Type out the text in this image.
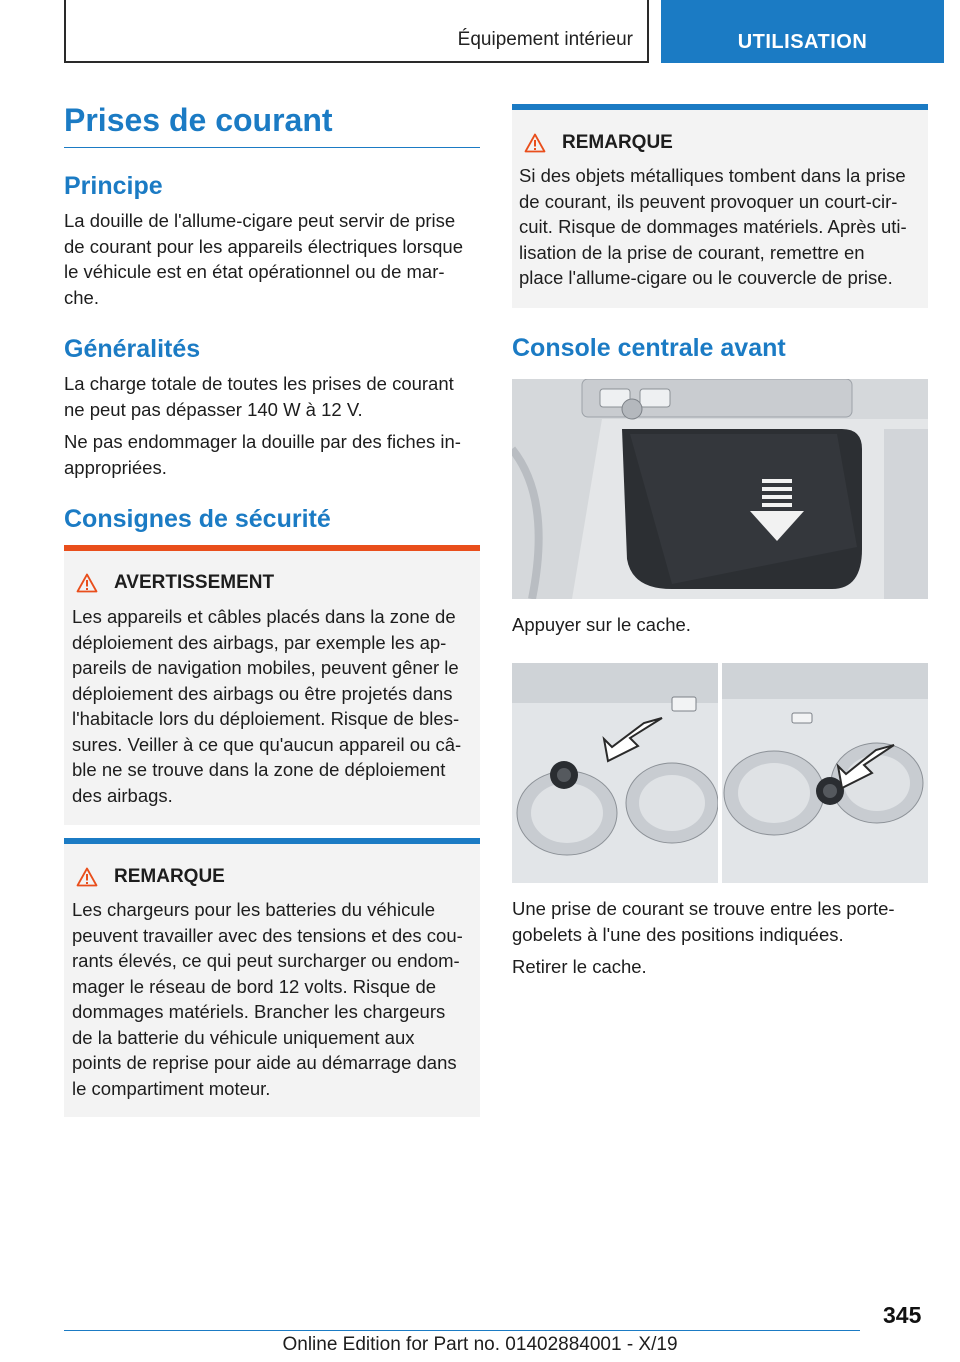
Équipement intérieur	UTILISATION
Prises de courant
Principe
La douille de l'allume-cigare peut servir de prise
de courant pour les appareils électriques lorsque
le véhicule est en état opérationnel ou de mar-
che.
Généralités
La charge totale de toutes les prises de courant
ne peut pas dépasser 140 W à 12 V.
Ne pas endommager la douille par des fiches in-
appropriées.
Consignes de sécurité
AVERTISSEMENT
Les appareils et câbles placés dans la zone de
déploiement des airbags, par exemple les ap-
pareils de navigation mobiles, peuvent gêner le
déploiement des airbags ou être projetés dans
l'habitacle lors du déploiement. Risque de bles-
sures. Veiller à ce que qu'aucun appareil ou câ-
ble ne se trouve dans la zone de déploiement
des airbags.
REMARQUE
Les chargeurs pour les batteries du véhicule
peuvent travailler avec des tensions et des cou-
rants élevés, ce qui peut surcharger ou endom-
mager le réseau de bord 12 volts. Risque de
dommages matériels. Brancher les chargeurs
de la batterie du véhicule uniquement aux
points de reprise pour aide au démarrage dans
le compartiment moteur.
REMARQUE
Si des objets métalliques tombent dans la prise
de courant, ils peuvent provoquer un court-cir-
cuit. Risque de dommages matériels. Après uti-
lisation de la prise de courant, remettre en
place l'allume-cigare ou le couvercle de prise.
Console centrale avant
Appuyer sur le cache.
Une prise de courant se trouve entre les porte-
gobelets à l'une des positions indiquées.
Retirer le cache.
345
Online Edition for Part no. 01402884001 - X/19
